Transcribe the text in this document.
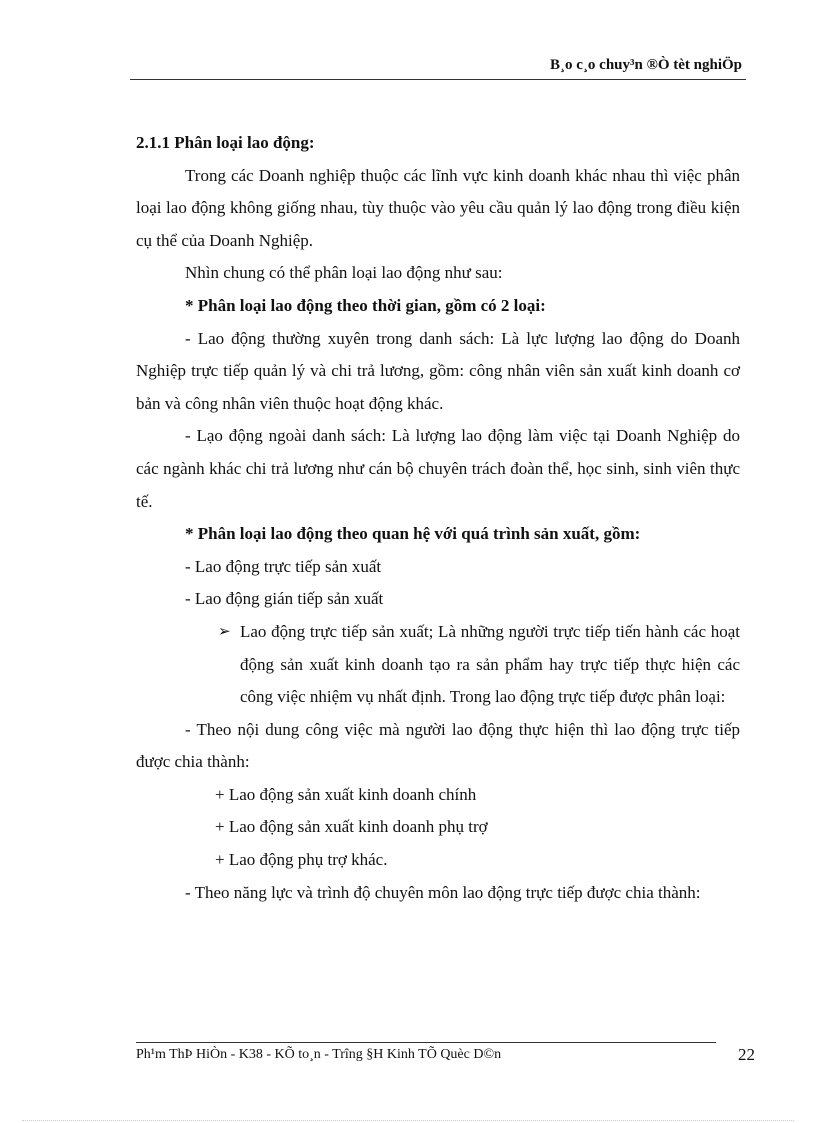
B¸o c¸o chuy³n ®Ò tèt nghiÖp

2.1.1 Phân loại lao động:

Trong các Doanh nghiệp thuộc các lĩnh vực kinh doanh khác nhau thì việc phân loại lao động không giống nhau, tùy thuộc vào yêu cầu quản lý lao động trong điều kiện cụ thể của Doanh Nghiệp.

Nhìn chung có thể phân loại lao động như sau:

* Phân loại lao động theo thời gian, gồm có 2 loại:

- Lao động thường xuyên trong danh sách: Là lực lượng lao động do Doanh Nghiệp trực tiếp quản lý và chi trả lương, gồm: công nhân viên sản xuất kinh doanh cơ bản và công nhân viên thuộc hoạt động khác.

- Lạo động ngoài danh sách: Là lượng lao động làm việc tại Doanh Nghiệp do các ngành khác chi trả lương như cán bộ chuyên trách đoàn thể, học sinh, sinh viên thực tế.

* Phân loại lao động theo quan hệ với quá trình sản xuất, gồm:

- Lao động trực tiếp sản xuất

- Lao động gián tiếp sản xuất

➢ Lao động trực tiếp sản xuất; Là những người trực tiếp tiến hành các hoạt động sản xuất kinh doanh tạo ra sản phẩm hay trực tiếp thực hiện các công việc nhiệm vụ nhất định. Trong lao động trực tiếp được phân loại:

- Theo nội dung công việc mà người lao động thực hiện thì lao động trực tiếp được chia thành:

+ Lao động sản xuất kinh doanh chính

+ Lao động sản xuất kinh doanh phụ trợ

+ Lao động phụ trợ khác.

- Theo năng lực và trình độ chuyên môn lao động trực tiếp được chia thành:

Ph¹m ThÞ HiÒn - K38 - KÕ to¸n - Trîng §H Kinh TÕ Quèc D©n	22
